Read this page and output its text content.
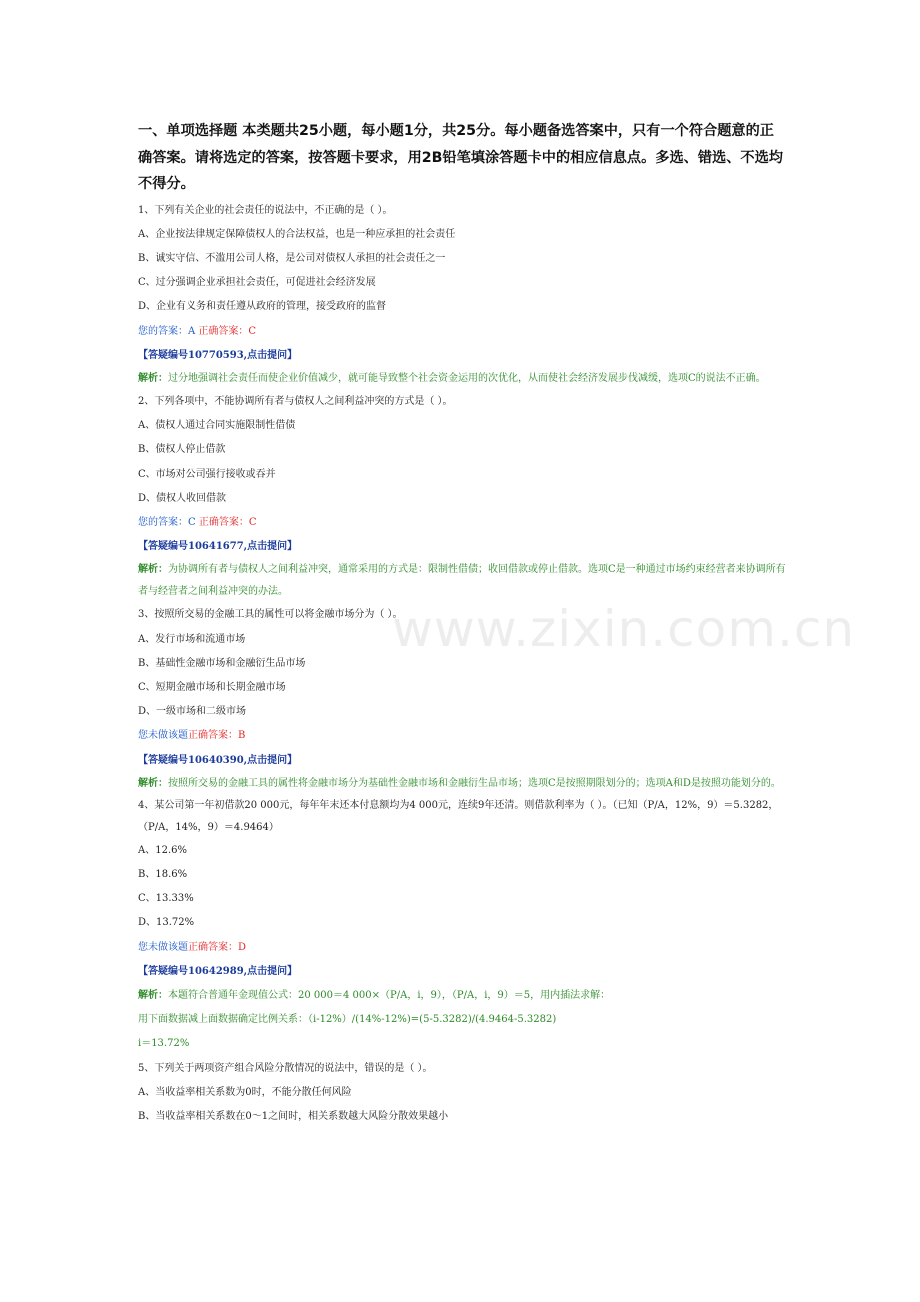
www.zixin.com.cn
一、单项选择题 本类题共25小题，每小题1分，共25分。每小题备选答案中，只有一个符合题意的正确答案。请将选定的答案，按答题卡要求，用2B铅笔填涂答题卡中的相应信息点。多选、错选、不选均不得分。
1、下列有关企业的社会责任的说法中，不正确的是（ ）。
A、企业按法律规定保障债权人的合法权益，也是一种应承担的社会责任
B、诚实守信、不滥用公司人格，是公司对债权人承担的社会责任之一
C、过分强调企业承担社会责任，可促进社会经济发展
D、企业有义务和责任遵从政府的管理，接受政府的监督
您的答案：A 正确答案：C
【答疑编号10770593,点击提问】
解析：过分地强调社会责任而使企业价值减少，就可能导致整个社会资金运用的次优化，从而使社会经济发展步伐减缓，选项C的说法不正确。
2、下列各项中，不能协调所有者与债权人之间利益冲突的方式是（ ）。
A、债权人通过合同实施限制性借债
B、债权人停止借款
C、市场对公司强行接收或吞并
D、债权人收回借款
您的答案：C 正确答案：C
【答疑编号10641677,点击提问】
解析：为协调所有者与债权人之间利益冲突，通常采用的方式是：限制性借债；收回借款或停止借款。选项C是一种通过市场约束经营者来协调所有者与经营者之间利益冲突的办法。
3、按照所交易的金融工具的属性可以将金融市场分为（ ）。
A、发行市场和流通市场
B、基础性金融市场和金融衍生品市场
C、短期金融市场和长期金融市场
D、一级市场和二级市场
您未做该题正确答案：B
【答疑编号10640390,点击提问】
解析：按照所交易的金融工具的属性将金融市场分为基础性金融市场和金融衍生品市场；选项C是按照期限划分的；选项A和D是按照功能划分的。
4、某公司第一年初借款20 000元，每年年末还本付息额均为4 000元，连续9年还清。则借款利率为（ ）。（已知（P/A，12%，9）＝5.3282，（P/A，14%，9）＝4.9464）
A、12.6%
B、18.6%
C、13.33%
D、13.72%
您未做该题正确答案：D
【答疑编号10642989,点击提问】
解析：本题符合普通年金现值公式：20 000＝4 000×（P/A，i，9），（P/A，i，9）＝5，用内插法求解：
用下面数据减上面数据确定比例关系：（i-12%）/(14%-12%)=(5-5.3282)/(4.9464-5.3282)
i＝13.72%
5、下列关于两项资产组合风险分散情况的说法中，错误的是（ ）。
A、当收益率相关系数为0时，不能分散任何风险
B、当收益率相关系数在0～1之间时，相关系数越大风险分散效果越小
